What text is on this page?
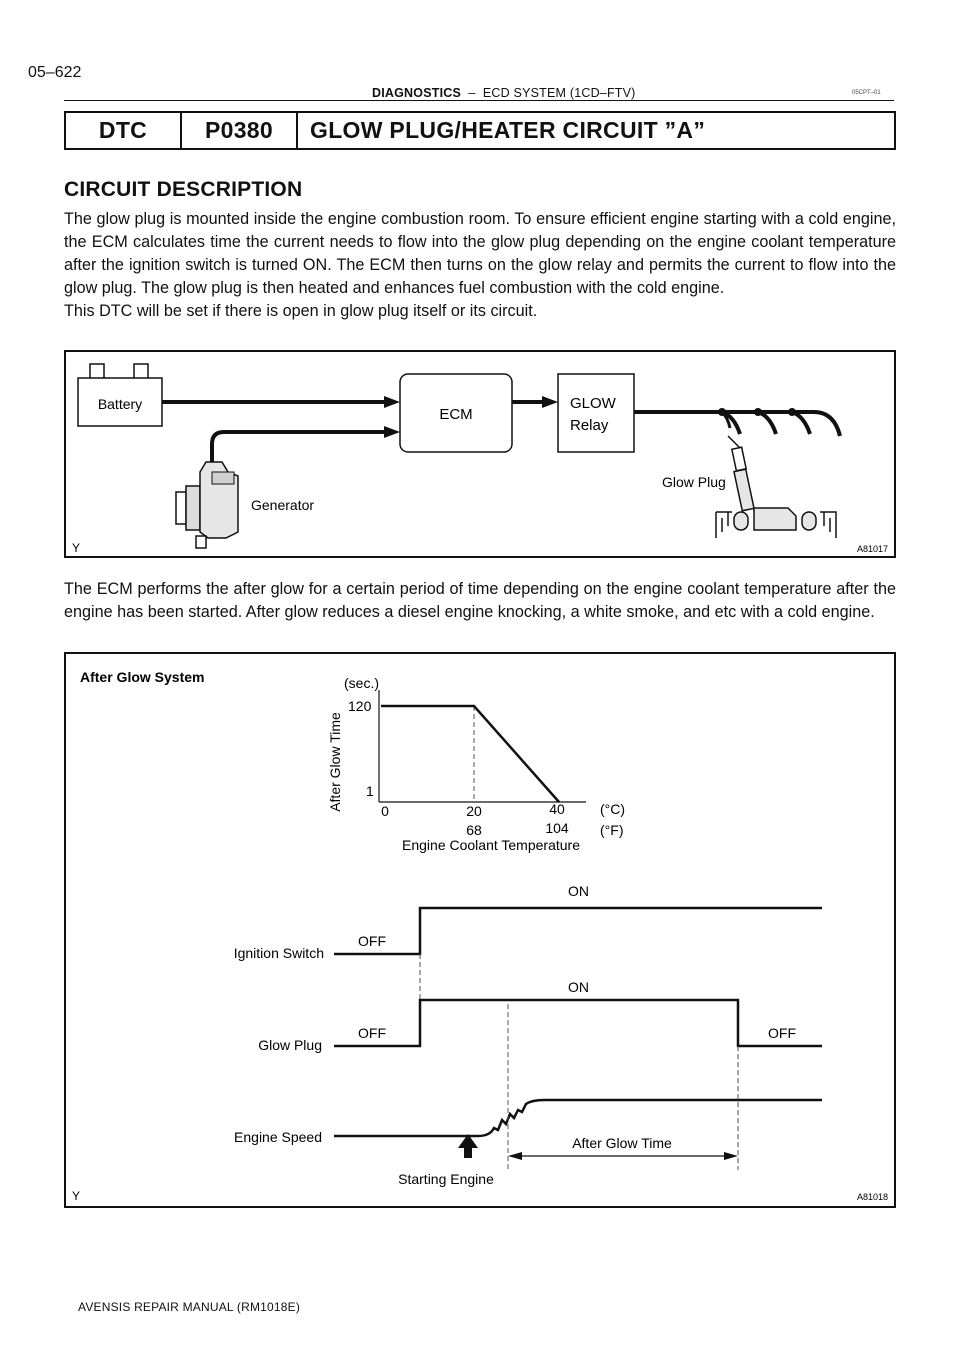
05–622
DIAGNOSTICS – ECD SYSTEM (1CD–FTV)	05CPT–01
DTC	P0380	GLOW PLUG/HEATER CIRCUIT ”A”
CIRCUIT DESCRIPTION
The glow plug is mounted inside the engine combustion room. To ensure efficient engine starting with a cold engine, the ECM calculates time the current needs to flow into the glow plug depending on the engine coolant temperature after the ignition switch is turned ON. The ECM then turns on the glow relay and permits the current to flow into the glow plug. The glow plug is then heated and enhances fuel combustion with the cold engine.
This DTC will be set if there is open in glow plug itself or its circuit.
Battery
ECM
GLOW
Relay
Generator
Glow Plug
Y	A81017
The ECM performs the after glow for a certain period of time depending on the engine coolant temperature after the engine has been started. After glow reduces a diesel engine knocking, a white smoke, and etc with a cold engine.
After Glow System	(sec.)
After Glow Time
120
1
0	20	40
68	104
(°C)
(°F)
Engine Coolant Temperature
Ignition Switch
OFF
ON
Glow Plug
OFF
ON
OFF
Engine Speed	After Glow Time
Starting Engine
Y	A81018
AVENSIS REPAIR MANUAL (RM1018E)
